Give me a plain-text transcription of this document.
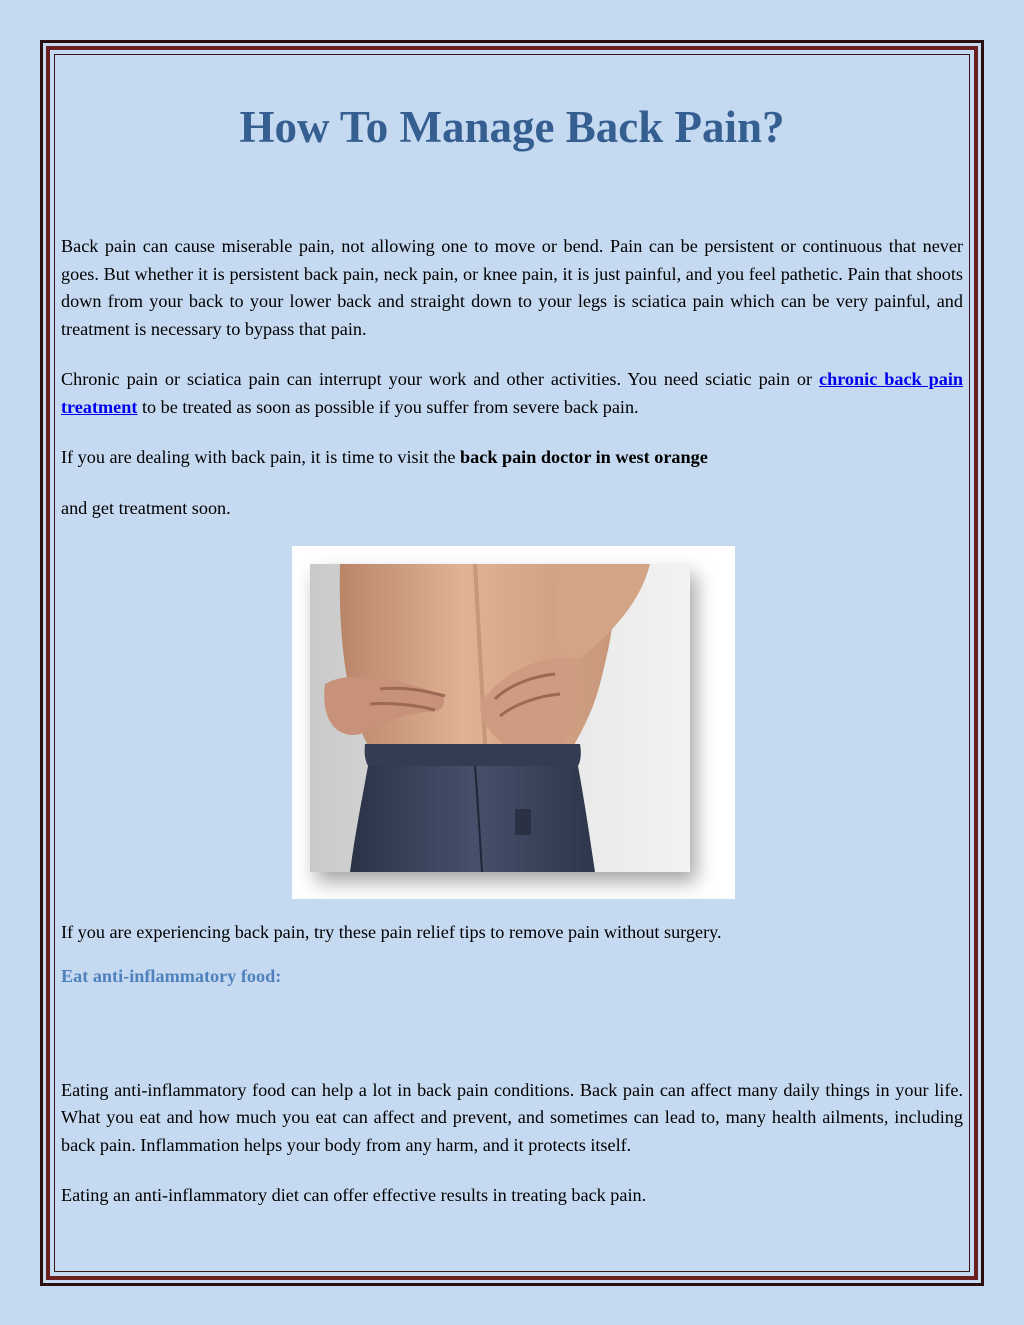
How To Manage Back Pain?

Back pain can cause miserable pain, not allowing one to move or bend. Pain can be persistent or continuous that never goes. But whether it is persistent back pain, neck pain, or knee pain, it is just painful, and you feel pathetic. Pain that shoots down from your back to your lower back and straight down to your legs is sciatica pain which can be very painful, and treatment is necessary to bypass that pain.

Chronic pain or sciatica pain can interrupt your work and other activities. You need sciatic pain or chronic back pain treatment to be treated as soon as possible if you suffer from severe back pain.

If you are dealing with back pain, it is time to visit the back pain doctor in west orange

and get treatment soon.

If you are experiencing back pain, try these pain relief tips to remove pain without surgery.

Eat anti-inflammatory food:

Eating anti-inflammatory food can help a lot in back pain conditions. Back pain can affect many daily things in your life. What you eat and how much you eat can affect and prevent, and sometimes can lead to, many health ailments, including back pain. Inflammation helps your body from any harm, and it protects itself.

Eating an anti-inflammatory diet can offer effective results in treating back pain.
